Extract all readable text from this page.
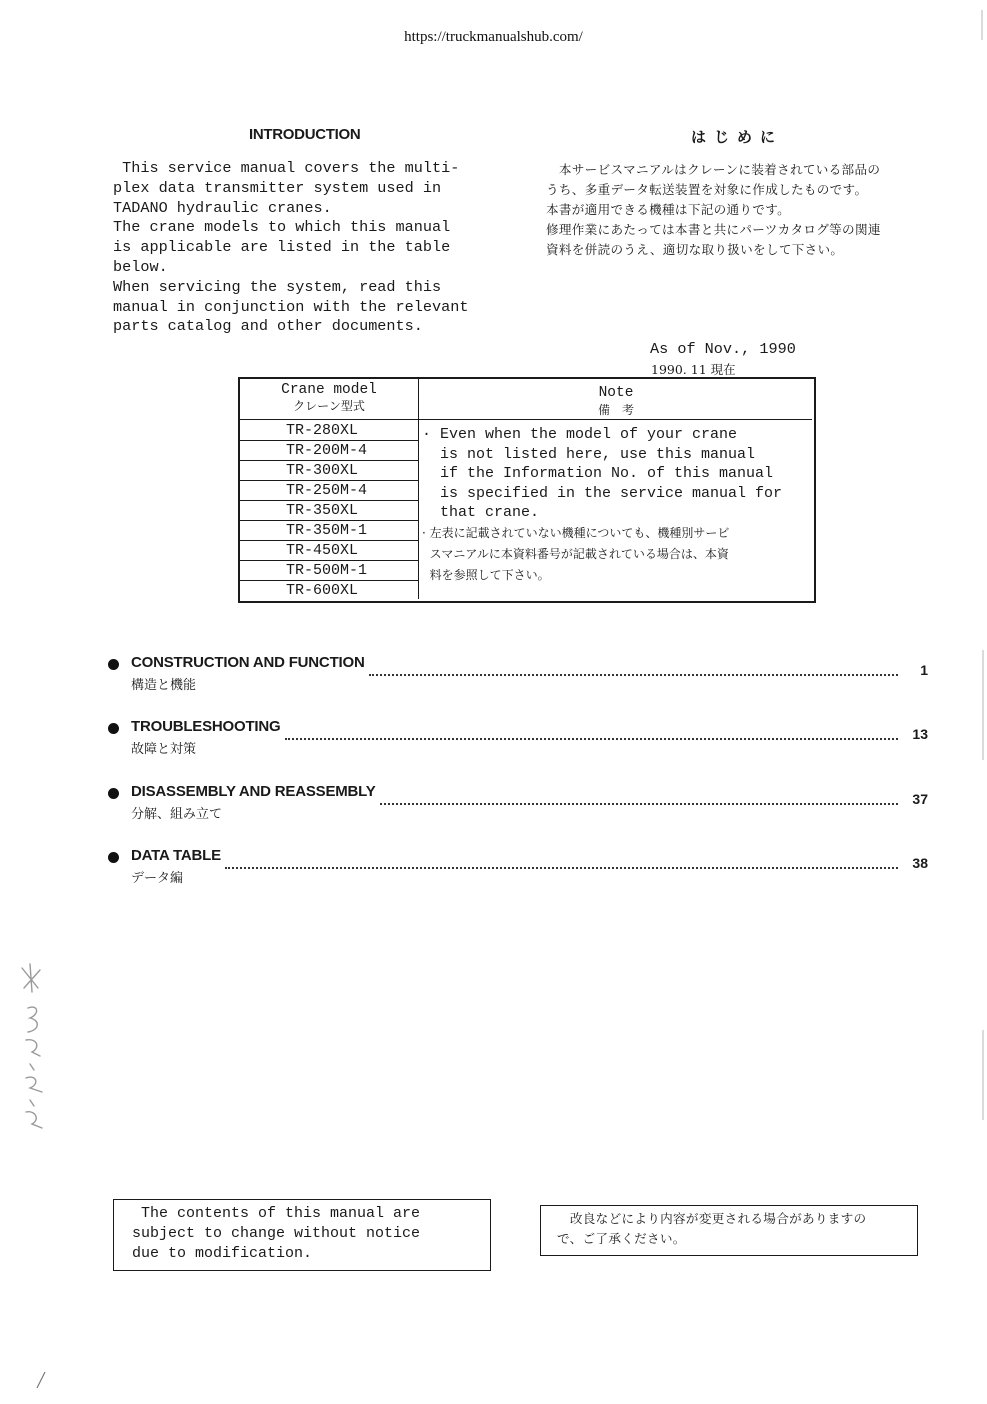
https://truckmanualshub.com/
INTRODUCTION	はじめに
This service manual covers the multi-
plex data transmitter system used in
TADANO hydraulic cranes.
The crane models to which this manual
is applicable are listed in the table
below.
When servicing the system, read this
manual in conjunction with the relevant
parts catalog and other documents.
　本サービスマニアルはクレーンに装着されている部品の
うち、多重データ転送装置を対象に作成したものです。
本書が適用できる機種は下記の通りです。
修理作業にあたっては本書と共にパーツカタログ等の関連
資料を併読のうえ、適切な取り扱いをして下さい。
As of Nov., 1990
1990. 11 現在
Crane model
クレーン型式
Note
備　考
TR-280XL
TR-200M-4
TR-300XL
TR-250M-4
TR-350XL
TR-350M-1
TR-450XL
TR-500M-1
TR-600XL
· Even when the model of your crane
is not listed here, use this manual
if the Information No. of this manual
is specified in the service manual for
that crane.
· 左表に記載されていない機種についても、機種別サービ
スマニアルに本資料番号が記載されている場合は、本資
料を参照して下さい。
CONSTRUCTION AND FUNCTION
構造と機能
1
TROUBLESHOOTING
故障と対策
13
DISASSEMBLY AND REASSEMBLY
分解、組み立て
37
DATA TABLE
データ編
38
The contents of this manual are
subject to change without notice
due to modification.
　改良などにより内容が変更される場合がありますの
で、ご了承ください。
